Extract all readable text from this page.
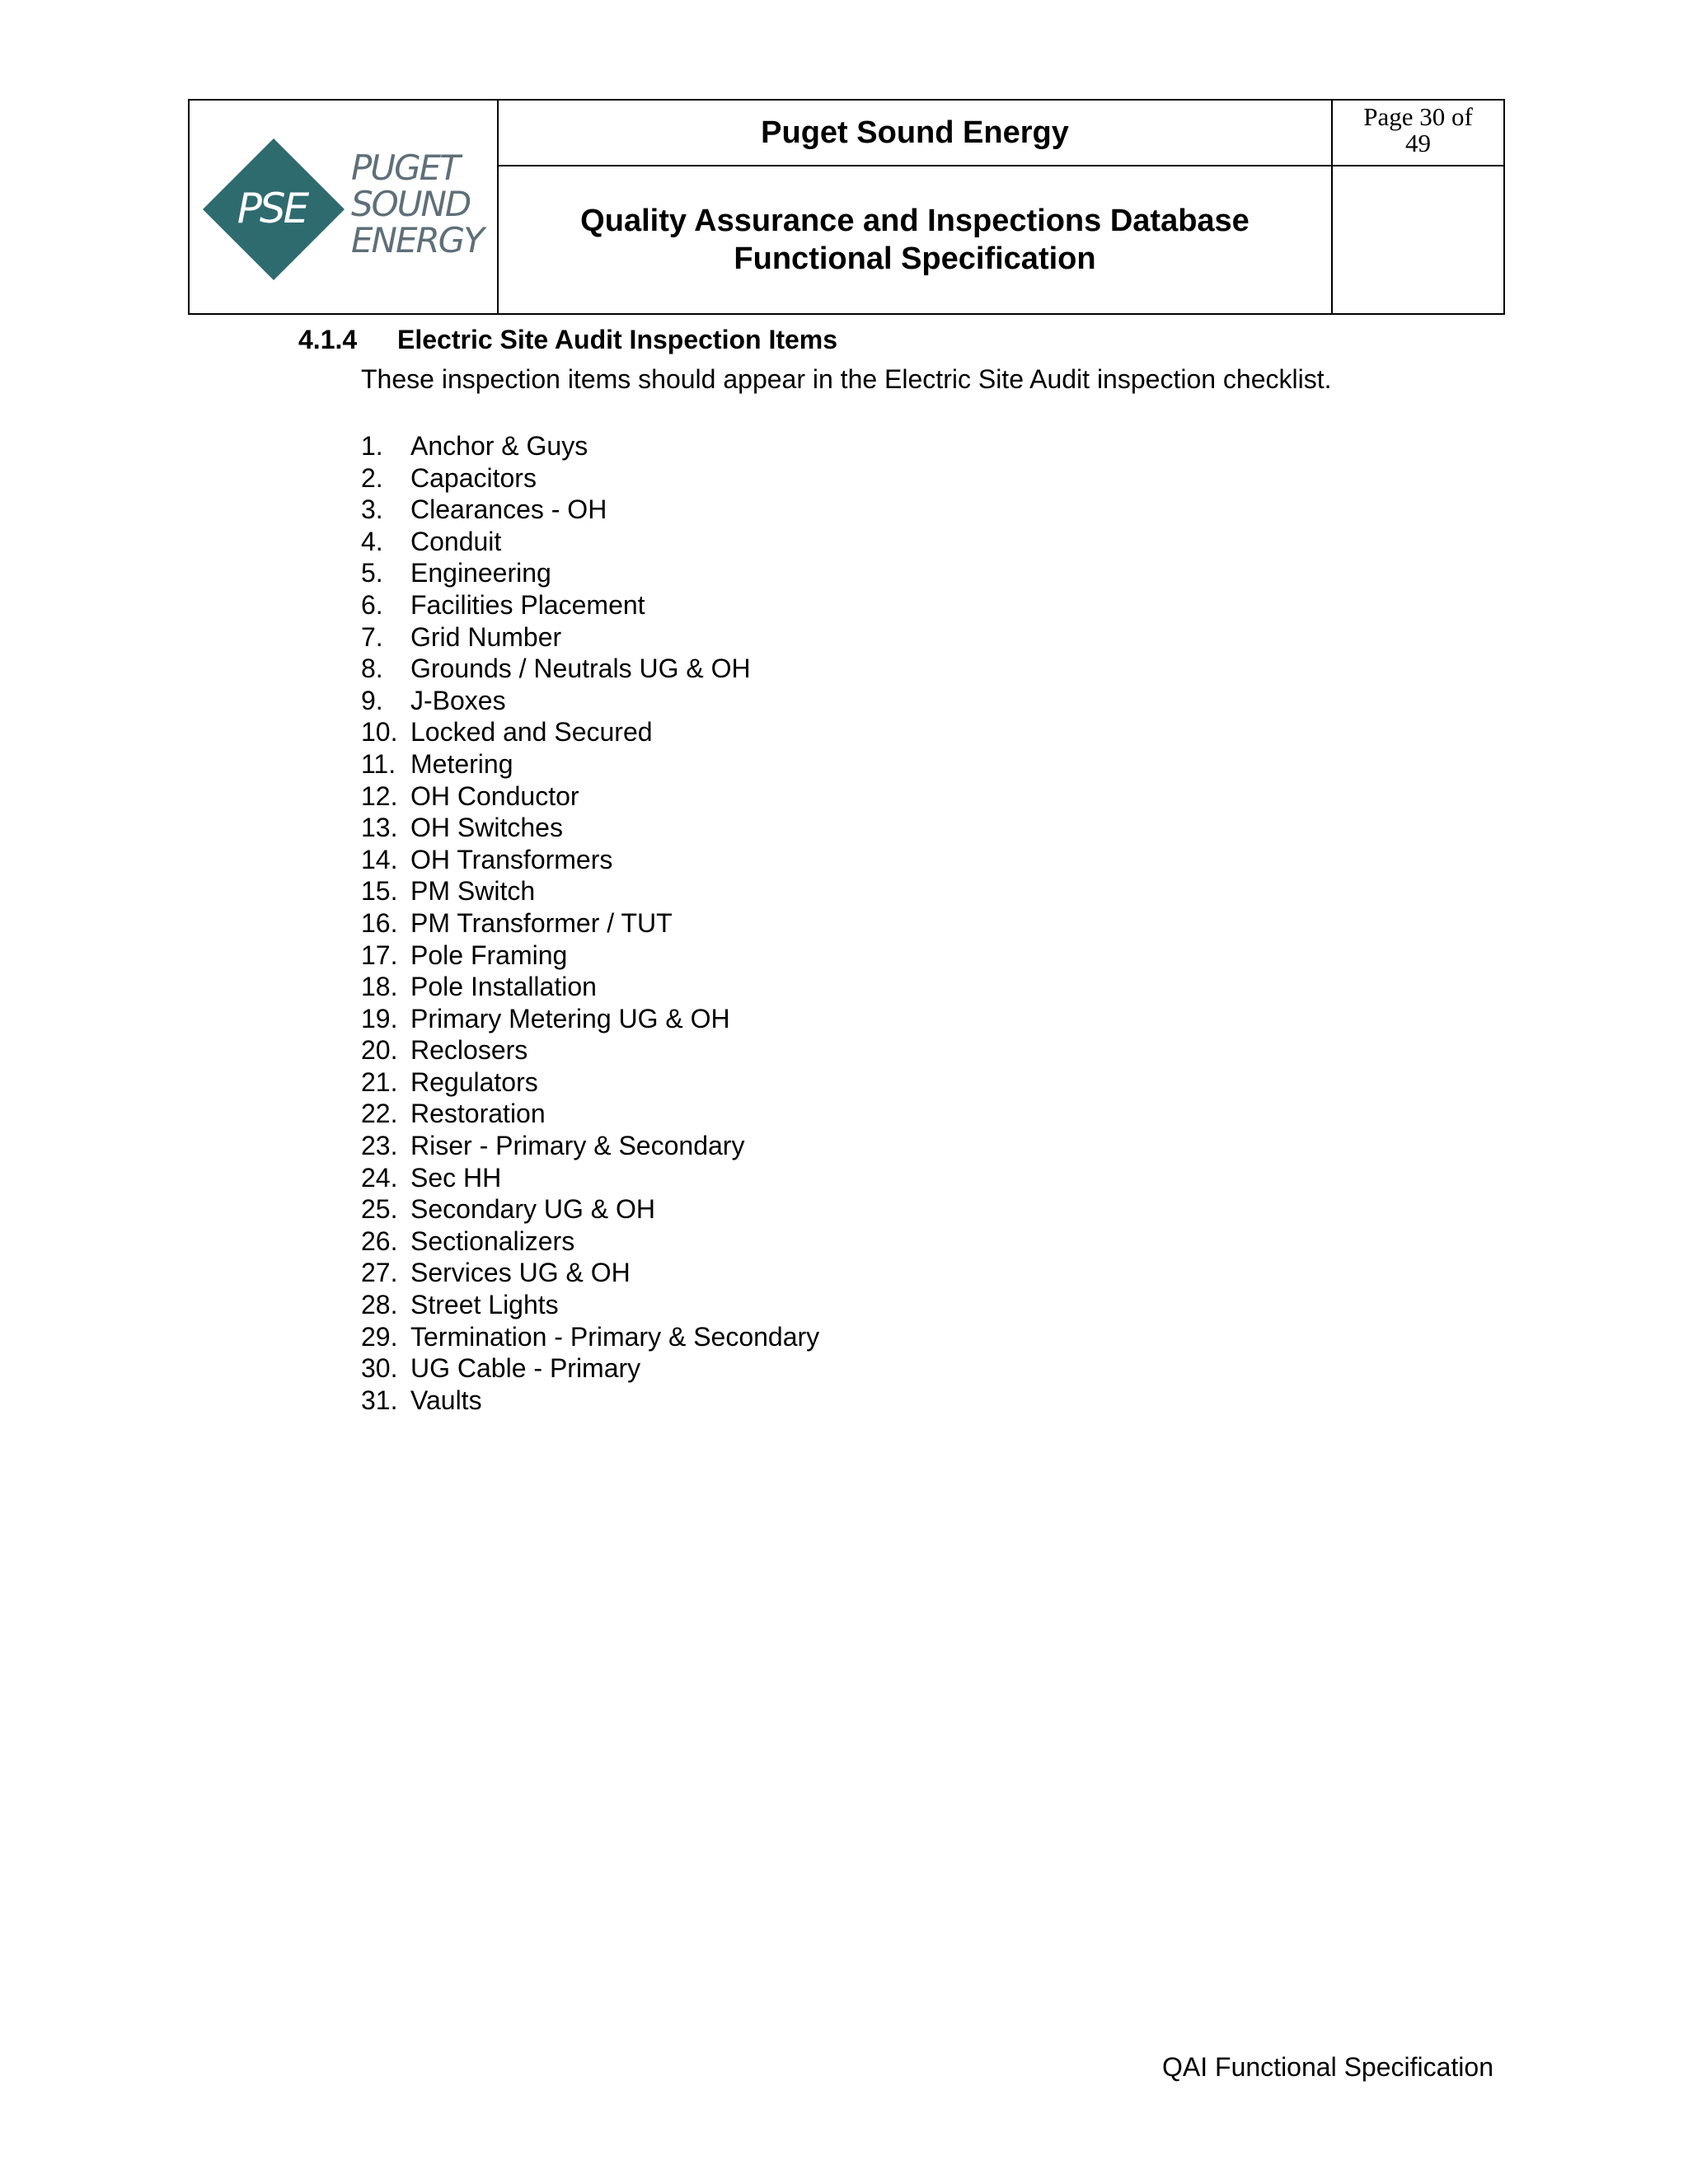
PSE
PUGET
SOUND
ENERGY
Puget Sound Energy	Page 30 of
49
Quality Assurance and Inspections Database
Functional Specification
4.1.4 Electric Site Audit Inspection Items
These inspection items should appear in the Electric Site Audit inspection checklist.
1. Anchor & Guys
2. Capacitors
3. Clearances - OH
4. Conduit
5. Engineering
6. Facilities Placement
7. Grid Number
8. Grounds / Neutrals UG & OH
9. J-Boxes
10. Locked and Secured
11. Metering
12. OH Conductor
13. OH Switches
14. OH Transformers
15. PM Switch
16. PM Transformer / TUT
17. Pole Framing
18. Pole Installation
19. Primary Metering UG & OH
20. Reclosers
21. Regulators
22. Restoration
23. Riser - Primary & Secondary
24. Sec HH
25. Secondary UG & OH
26. Sectionalizers
27. Services UG & OH
28. Street Lights
29. Termination - Primary & Secondary
30. UG Cable - Primary
31. Vaults
QAI Functional Specification
